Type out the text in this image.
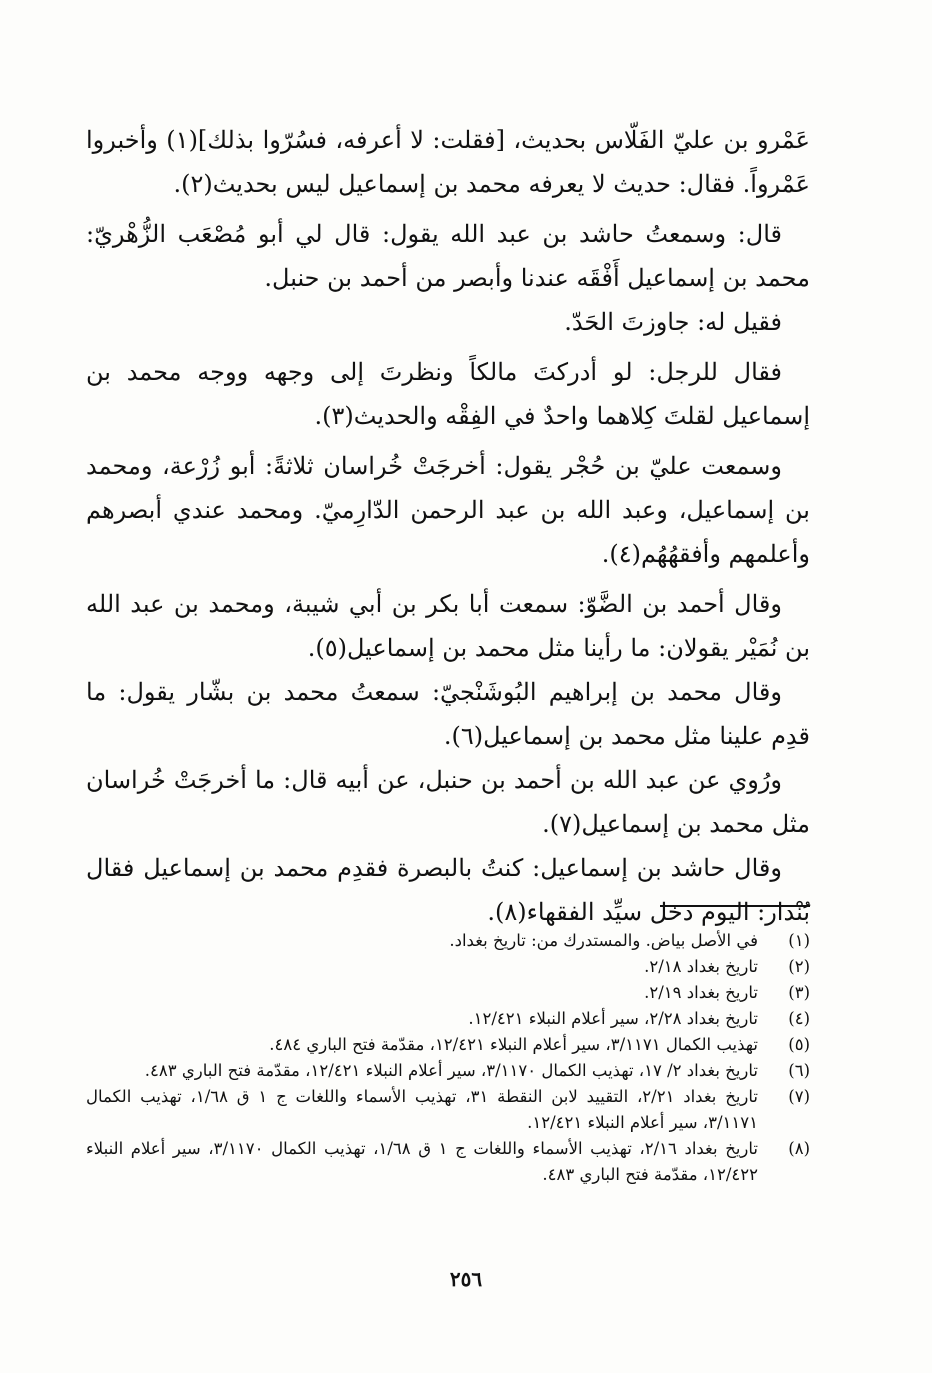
عَمْرو بن عليّ الفَلّاس بحديث، [فقلت: لا أعرفه، فسُرّوا بذلك](١) وأخبروا عَمْرواً. فقال: حديث لا يعرفه محمد بن إسماعيل ليس بحديث(٢).

قال: وسمعتُ حاشد بن عبد الله يقول: قال لي أبو مُصْعَب الزُّهْريّ: محمد بن إسماعيل أَفْقَه عندنا وأبصر من أحمد بن حنبل.

فقيل له: جاوزتَ الحَدّ.

فقال للرجل: لو أدركتَ مالكاً ونظرتَ إلى وجهه ووجه محمد بن إسماعيل لقلتَ كِلاهما واحدٌ في الفِقْه والحديث(٣).

وسمعت عليّ بن حُجْر يقول: أخرجَتْ خُراسان ثلاثةً: أبو زُرْعة، ومحمد بن إسماعيل، وعبد الله بن عبد الرحمن الدّارِميّ. ومحمد عندي أبصرهم وأعلمهم وأفقهُهُم(٤).

وقال أحمد بن الضَّوّ: سمعت أبا بكر بن أبي شيبة، ومحمد بن عبد الله بن نُمَيْر يقولان: ما رأينا مثل محمد بن إسماعيل(٥).

وقال محمد بن إبراهيم البُوشَنْجيّ: سمعتُ محمد بن بشّار يقول: ما قدِم علينا مثل محمد بن إسماعيل(٦).

ورُوي عن عبد الله بن أحمد بن حنبل، عن أبيه قال: ما أخرجَتْ خُراسان مثل محمد بن إسماعيل(٧).

وقال حاشد بن إسماعيل: كنتُ بالبصرة فقدِم محمد بن إسماعيل فقال بُنْدار: اليوم دخل سيِّد الفقهاء(٨).

(١)
في الأصل بياض. والمستدرك من: تاريخ بغداد.
(٢)
تاريخ بغداد ٢/١٨.
(٣)
تاريخ بغداد ٢/١٩.
(٤)
تاريخ بغداد ٢/٢٨، سير أعلام النبلاء ١٢/٤٢١.
(٥)
تهذيب الكمال ٣/١١٧١، سير أعلام النبلاء ١٢/٤٢١، مقدّمة فتح الباري ٤٨٤.
(٦)
تاريخ بغداد ٢/ ١٧، تهذيب الكمال ٣/١١٧٠، سير أعلام النبلاء ١٢/٤٢١، مقدّمة فتح الباري ٤٨٣.
(٧)
تاريخ بغداد ٢/٢١، التقييد لابن النقطة ٣١، تهذيب الأسماء واللغات ج ١ ق ١/٦٨، تهذيب الكمال ٣/١١٧١، سير أعلام النبلاء ١٢/٤٢١.
(٨)
تاريخ بغداد ٢/١٦، تهذيب الأسماء واللغات ج ١ ق ١/٦٨، تهذيب الكمال ٣/١١٧٠، سير أعلام النبلاء ١٢/٤٢٢، مقدّمة فتح الباري ٤٨٣.
٢٥٦
